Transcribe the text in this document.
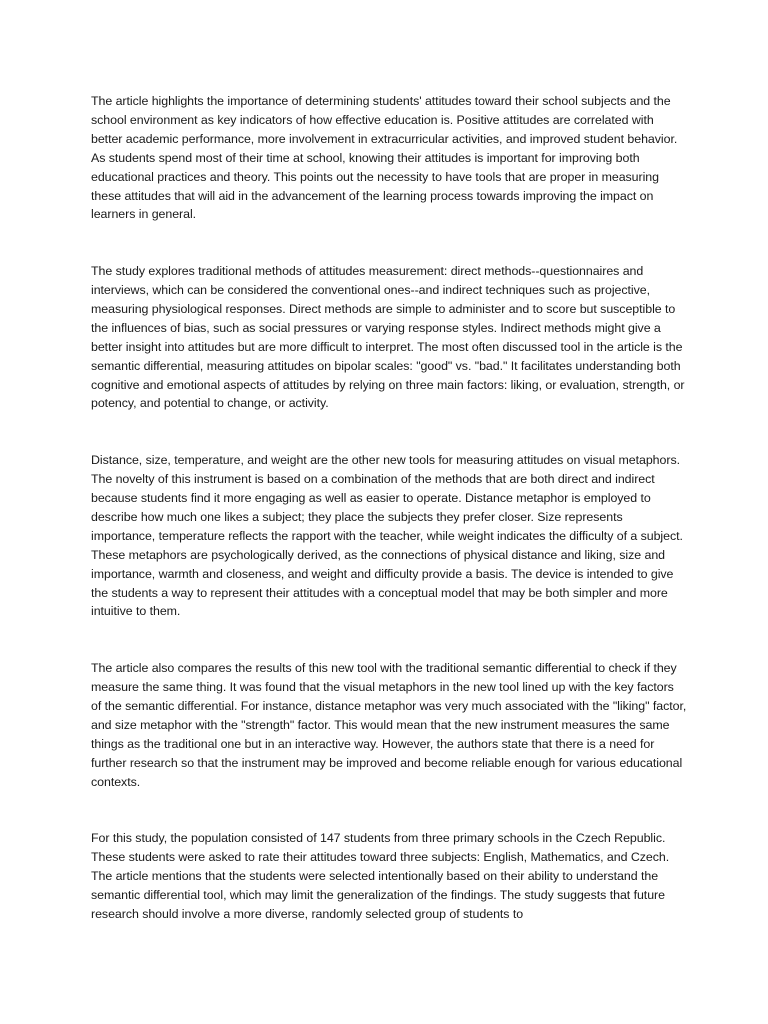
The article highlights the importance of determining students' attitudes toward their school subjects and the school environment as key indicators of how effective education is. Positive attitudes are correlated with better academic performance, more involvement in extracurricular activities, and improved student behavior. As students spend most of their time at school, knowing their attitudes is important for improving both educational practices and theory. This points out the necessity to have tools that are proper in measuring these attitudes that will aid in the advancement of the learning process towards improving the impact on learners in general.

The study explores traditional methods of attitudes measurement: direct methods--questionnaires and interviews, which can be considered the conventional ones--and indirect techniques such as projective, measuring physiological responses. Direct methods are simple to administer and to score but susceptible to the influences of bias, such as social pressures or varying response styles. Indirect methods might give a better insight into attitudes but are more difficult to interpret. The most often discussed tool in the article is the semantic differential, measuring attitudes on bipolar scales: "good" vs. "bad." It facilitates understanding both cognitive and emotional aspects of attitudes by relying on three main factors: liking, or evaluation, strength, or potency, and potential to change, or activity.

Distance, size, temperature, and weight are the other new tools for measuring attitudes on visual metaphors. The novelty of this instrument is based on a combination of the methods that are both direct and indirect because students find it more engaging as well as easier to operate. Distance metaphor is employed to describe how much one likes a subject; they place the subjects they prefer closer. Size represents importance, temperature reflects the rapport with the teacher, while weight indicates the difficulty of a subject. These metaphors are psychologically derived, as the connections of physical distance and liking, size and importance, warmth and closeness, and weight and difficulty provide a basis. The device is intended to give the students a way to represent their attitudes with a conceptual model that may be both simpler and more intuitive to them.

The article also compares the results of this new tool with the traditional semantic differential to check if they measure the same thing. It was found that the visual metaphors in the new tool lined up with the key factors of the semantic differential. For instance, distance metaphor was very much associated with the "liking" factor, and size metaphor with the "strength" factor. This would mean that the new instrument measures the same things as the traditional one but in an interactive way. However, the authors state that there is a need for further research so that the instrument may be improved and become reliable enough for various educational contexts.

For this study, the population consisted of 147 students from three primary schools in the Czech Republic. These students were asked to rate their attitudes toward three subjects: English, Mathematics, and Czech. The article mentions that the students were selected intentionally based on their ability to understand the semantic differential tool, which may limit the generalization of the findings. The study suggests that future research should involve a more diverse, randomly selected group of students to
